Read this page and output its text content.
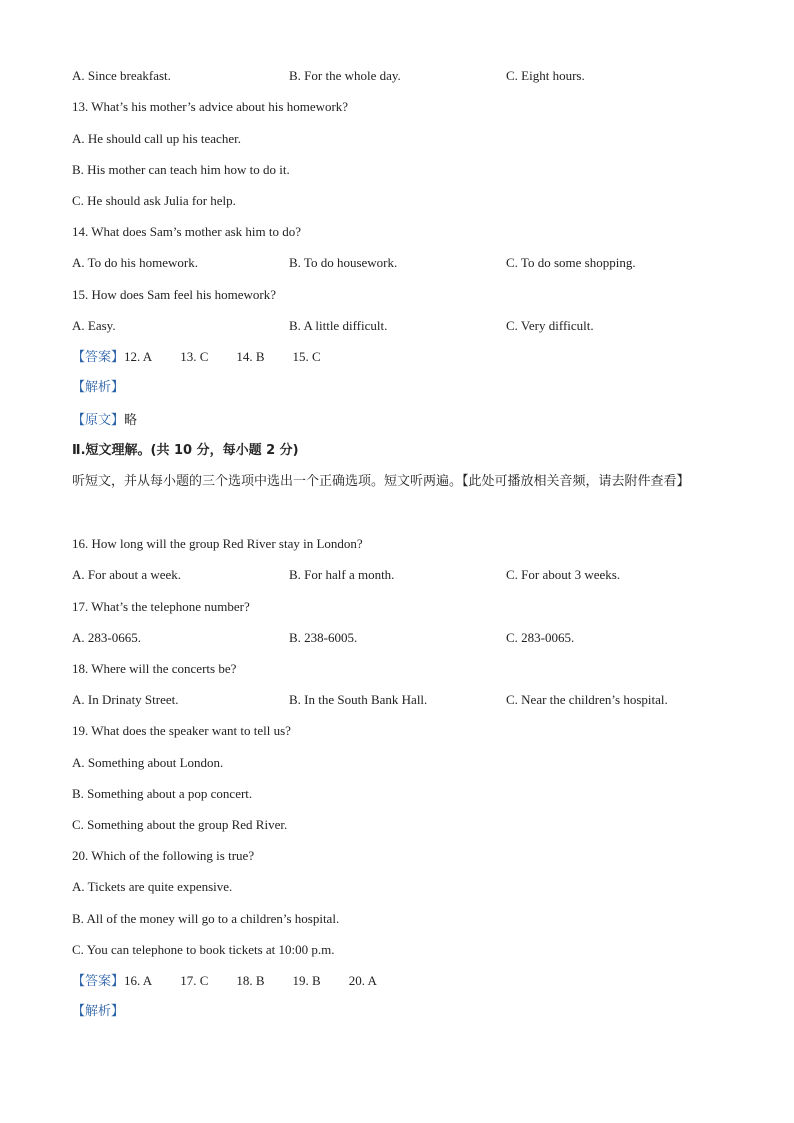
A. Since breakfast.	B. For the whole day.	C. Eight hours.
13. What’s his mother’s advice about his homework?
A. He should call up his teacher.
B. His mother can teach him how to do it.
C. He should ask Julia for help.
14. What does Sam’s mother ask him to do?
A. To do his homework.	B. To do housework.	C. To do some shopping.
15. How does Sam feel his homework?
A. Easy.	B. A little difficult.	C. Very difficult.
【答案】12. A 13. C 14. B 15. C
【解析】
【原文】略
Ⅱ.短文理解。(共 10 分，每小题 2 分)
听短文，并从每小题的三个选项中选出一个正确选项。短文听两遍。【此处可播放相关音频，请去附件查看】
16. How long will the group Red River stay in London?
A. For about a week.	B. For half a month.	C. For about 3 weeks.
17. What’s the telephone number?
A. 283-0665.	B. 238-6005.	C. 283-0065.
18. Where will the concerts be?
A. In Drinaty Street.	B. In the South Bank Hall.	C. Near the children’s hospital.
19. What does the speaker want to tell us?
A. Something about London.
B. Something about a pop concert.
C. Something about the group Red River.
20. Which of the following is true?
A. Tickets are quite expensive.
B. All of the money will go to a children’s hospital.
C. You can telephone to book tickets at 10:00 p.m.
【答案】16. A 17. C 18. B 19. B 20. A
【解析】
